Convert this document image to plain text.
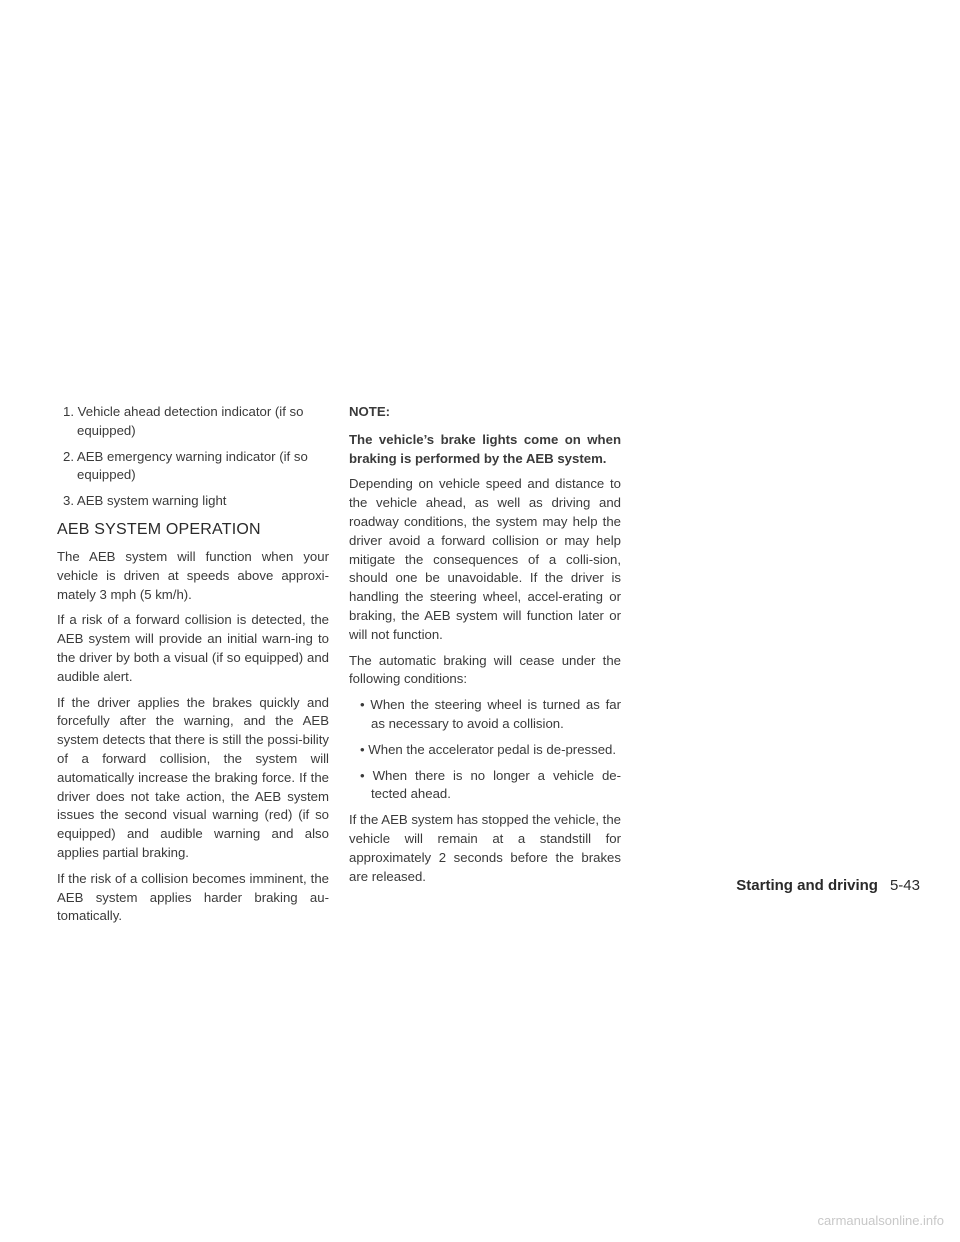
1. Vehicle ahead detection indicator (if so equipped)
2. AEB emergency warning indicator (if so equipped)
3. AEB system warning light
AEB SYSTEM OPERATION

The AEB system will function when your vehicle is driven at speeds above approxi-mately 3 mph (5 km/h).

If a risk of a forward collision is detected, the AEB system will provide an initial warn-ing to the driver by both a visual (if so equipped) and audible alert.

If the driver applies the brakes quickly and forcefully after the warning, and the AEB system detects that there is still the possi-bility of a forward collision, the system will automatically increase the braking force. If the driver does not take action, the AEB system issues the second visual warning (red) (if so equipped) and audible warning and also applies partial braking.

If the risk of a collision becomes imminent, the AEB system applies harder braking au-tomatically.

NOTE:

The vehicle’s brake lights come on when braking is performed by the AEB system.

Depending on vehicle speed and distance to the vehicle ahead, as well as driving and roadway conditions, the system may help the driver avoid a forward collision or may help mitigate the consequences of a colli-sion, should one be unavoidable. If the driver is handling the steering wheel, accel-erating or braking, the AEB system will function later or will not function.

The automatic braking will cease under the following conditions:

• When the steering wheel is turned as far as necessary to avoid a collision.
• When the accelerator pedal is de-pressed.
• When there is no longer a vehicle de-tected ahead.

If the AEB system has stopped the vehicle, the vehicle will remain at a standstill for approximately 2 seconds before the brakes are released.

Starting and driving 5-43
carmanualsonline.info
